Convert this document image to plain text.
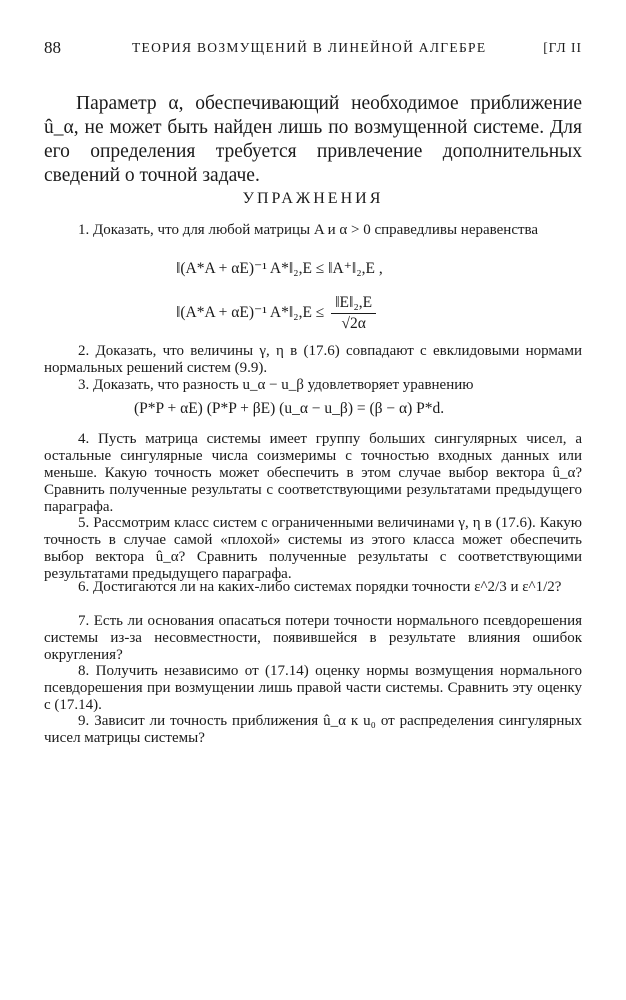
88	ТЕОРИЯ ВОЗМУЩЕНИЙ В ЛИНЕЙНОЙ АЛГЕБРЕ	[ГЛ II

Параметр α, обеспечивающий необходимое приближение û_α, не может быть найден лишь по возмущенной системе. Для его определения требуется привлечение дополнительных сведений о точной задаче.

УПРАЖНЕНИЯ

1. Доказать, что для любой матрицы A и α > 0 справедливы неравенства

‖(A*A + αE)⁻¹ A*‖₂,E ≤ ‖A⁺‖₂,E ,
‖(A*A + αE)⁻¹ A*‖₂,E ≤ $\frac{\text{‖E‖₂,E}}{√2\alpha}$

2. Доказать, что величины γ, η в (17.6) совпадают с евклидовыми нормами нормальных решений систем (9.9).

3. Доказать, что разность u_α − u_β удовлетворяет уравнению

(P*P + αE) (P*P + βE) (u_α − u_β) = (β − α) P*d.

4. Пусть матрица системы имеет группу больших сингулярных чисел, а остальные сингулярные числа соизмеримы с точностью входных данных или меньше. Какую точность может обеспечить в этом случае выбор вектора û_α? Сравнить полученные результаты с соответствующими результатами предыдущего параграфа.

5. Рассмотрим класс систем с ограниченными величинами γ, η в (17.6). Какую точность в случае самой «плохой» системы из этого класса может обеспечить выбор вектора û_α? Сравнить полученные результаты с соответствующими результатами предыдущего параграфа.

6. Достигаются ли на каких-либо системах порядки точности ε^2/3 и ε^1/2?

7. Есть ли основания опасаться потери точности нормального псевдорешения системы из-за несовместности, появившейся в результате влияния ошибок округления?

8. Получить независимо от (17.14) оценку нормы возмущения нормального псевдорешения при возмущении лишь правой части системы. Сравнить эту оценку с (17.14).

9. Зависит ли точность приближения û_α к u₀ от распределения сингулярных чисел матрицы системы?
